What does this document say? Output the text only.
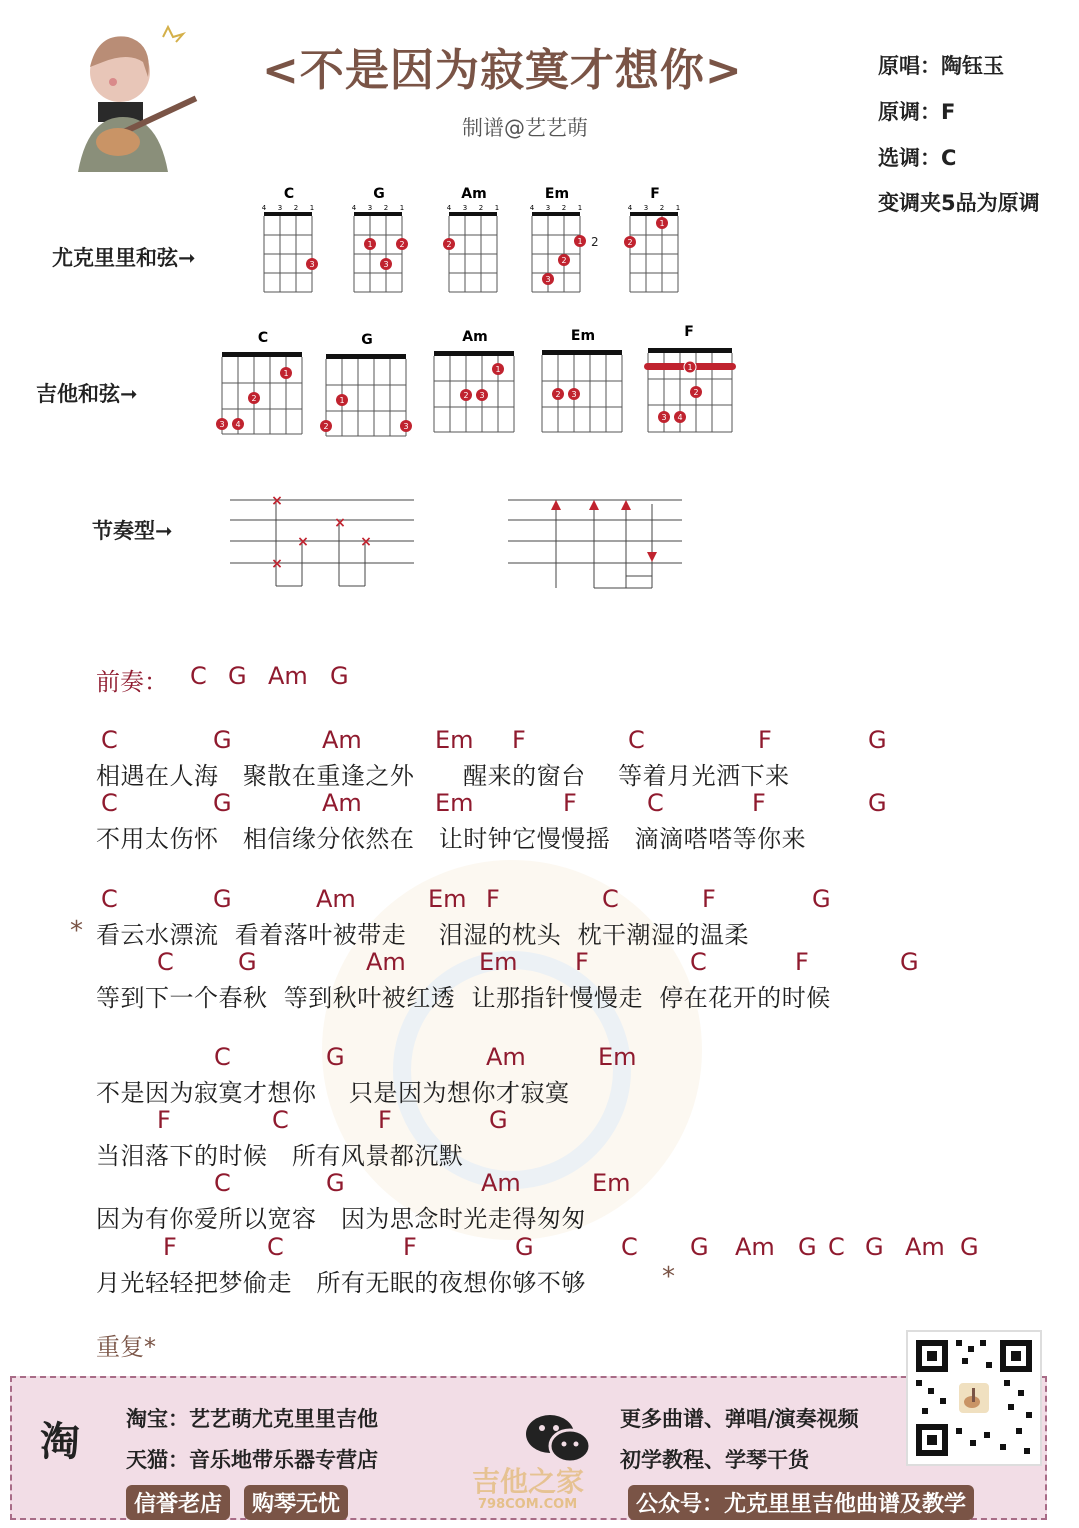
<不是因为寂寞才想你>
制谱@艺艺萌
原唱：陶钰玉
原调：F
选调：C
变调夹5品为原调
尤克里里和弦➞
C
4 3 2 1
3
G
4 3 2 1
1	2
3
Am
4 3 2 1
2
Em
4 3 2 1
1 2
2
3
F
4 3 2 1
1
2
吉他和弦➞
C
1
2
3 4
G
1
2	3
Am
1
2 3
Em
2 3
F
1
2
3 4
节奏型➞
×
×
×
×
×
前奏： C G Am G
C	G	Am	Em F	C	F	G
相遇在人海   聚散在重逢之外      醒来的窗台    等着月光洒下来
C	G	Am	Em	F	C	F	G
不用太伤怀   相信缘分依然在   让时钟它慢慢摇   滴滴嗒嗒等你来
C	G	Am	Em F	C	F	G
* 看云水漂流  看着落叶被带走    泪湿的枕头  枕干潮湿的温柔
C	G	Am	Em F	C	F	G
等到下一个春秋  等到秋叶被红透  让那指针慢慢走  停在花开的时候
C	G	Am	Em
不是因为寂寞才想你    只是因为想你才寂寞
F	C	F	G
当泪落下的时候   所有风景都沉默
C	G	Am	Em
因为有你爱所以宽容   因为思念时光走得匆匆
F	C	F	G	C G Am G C G Am G
月光轻轻把梦偷走   所有无眠的夜想你够不够	*
重复*
淘 淘宝：艺艺萌尤克里里吉他
天猫：音乐地带乐器专营店
信誉老店	购琴无忧
吉他之家
798COM.COM
更多曲谱、弹唱/演奏视频
初学教程、学琴干货
公众号：尤克里里吉他曲谱及教学
